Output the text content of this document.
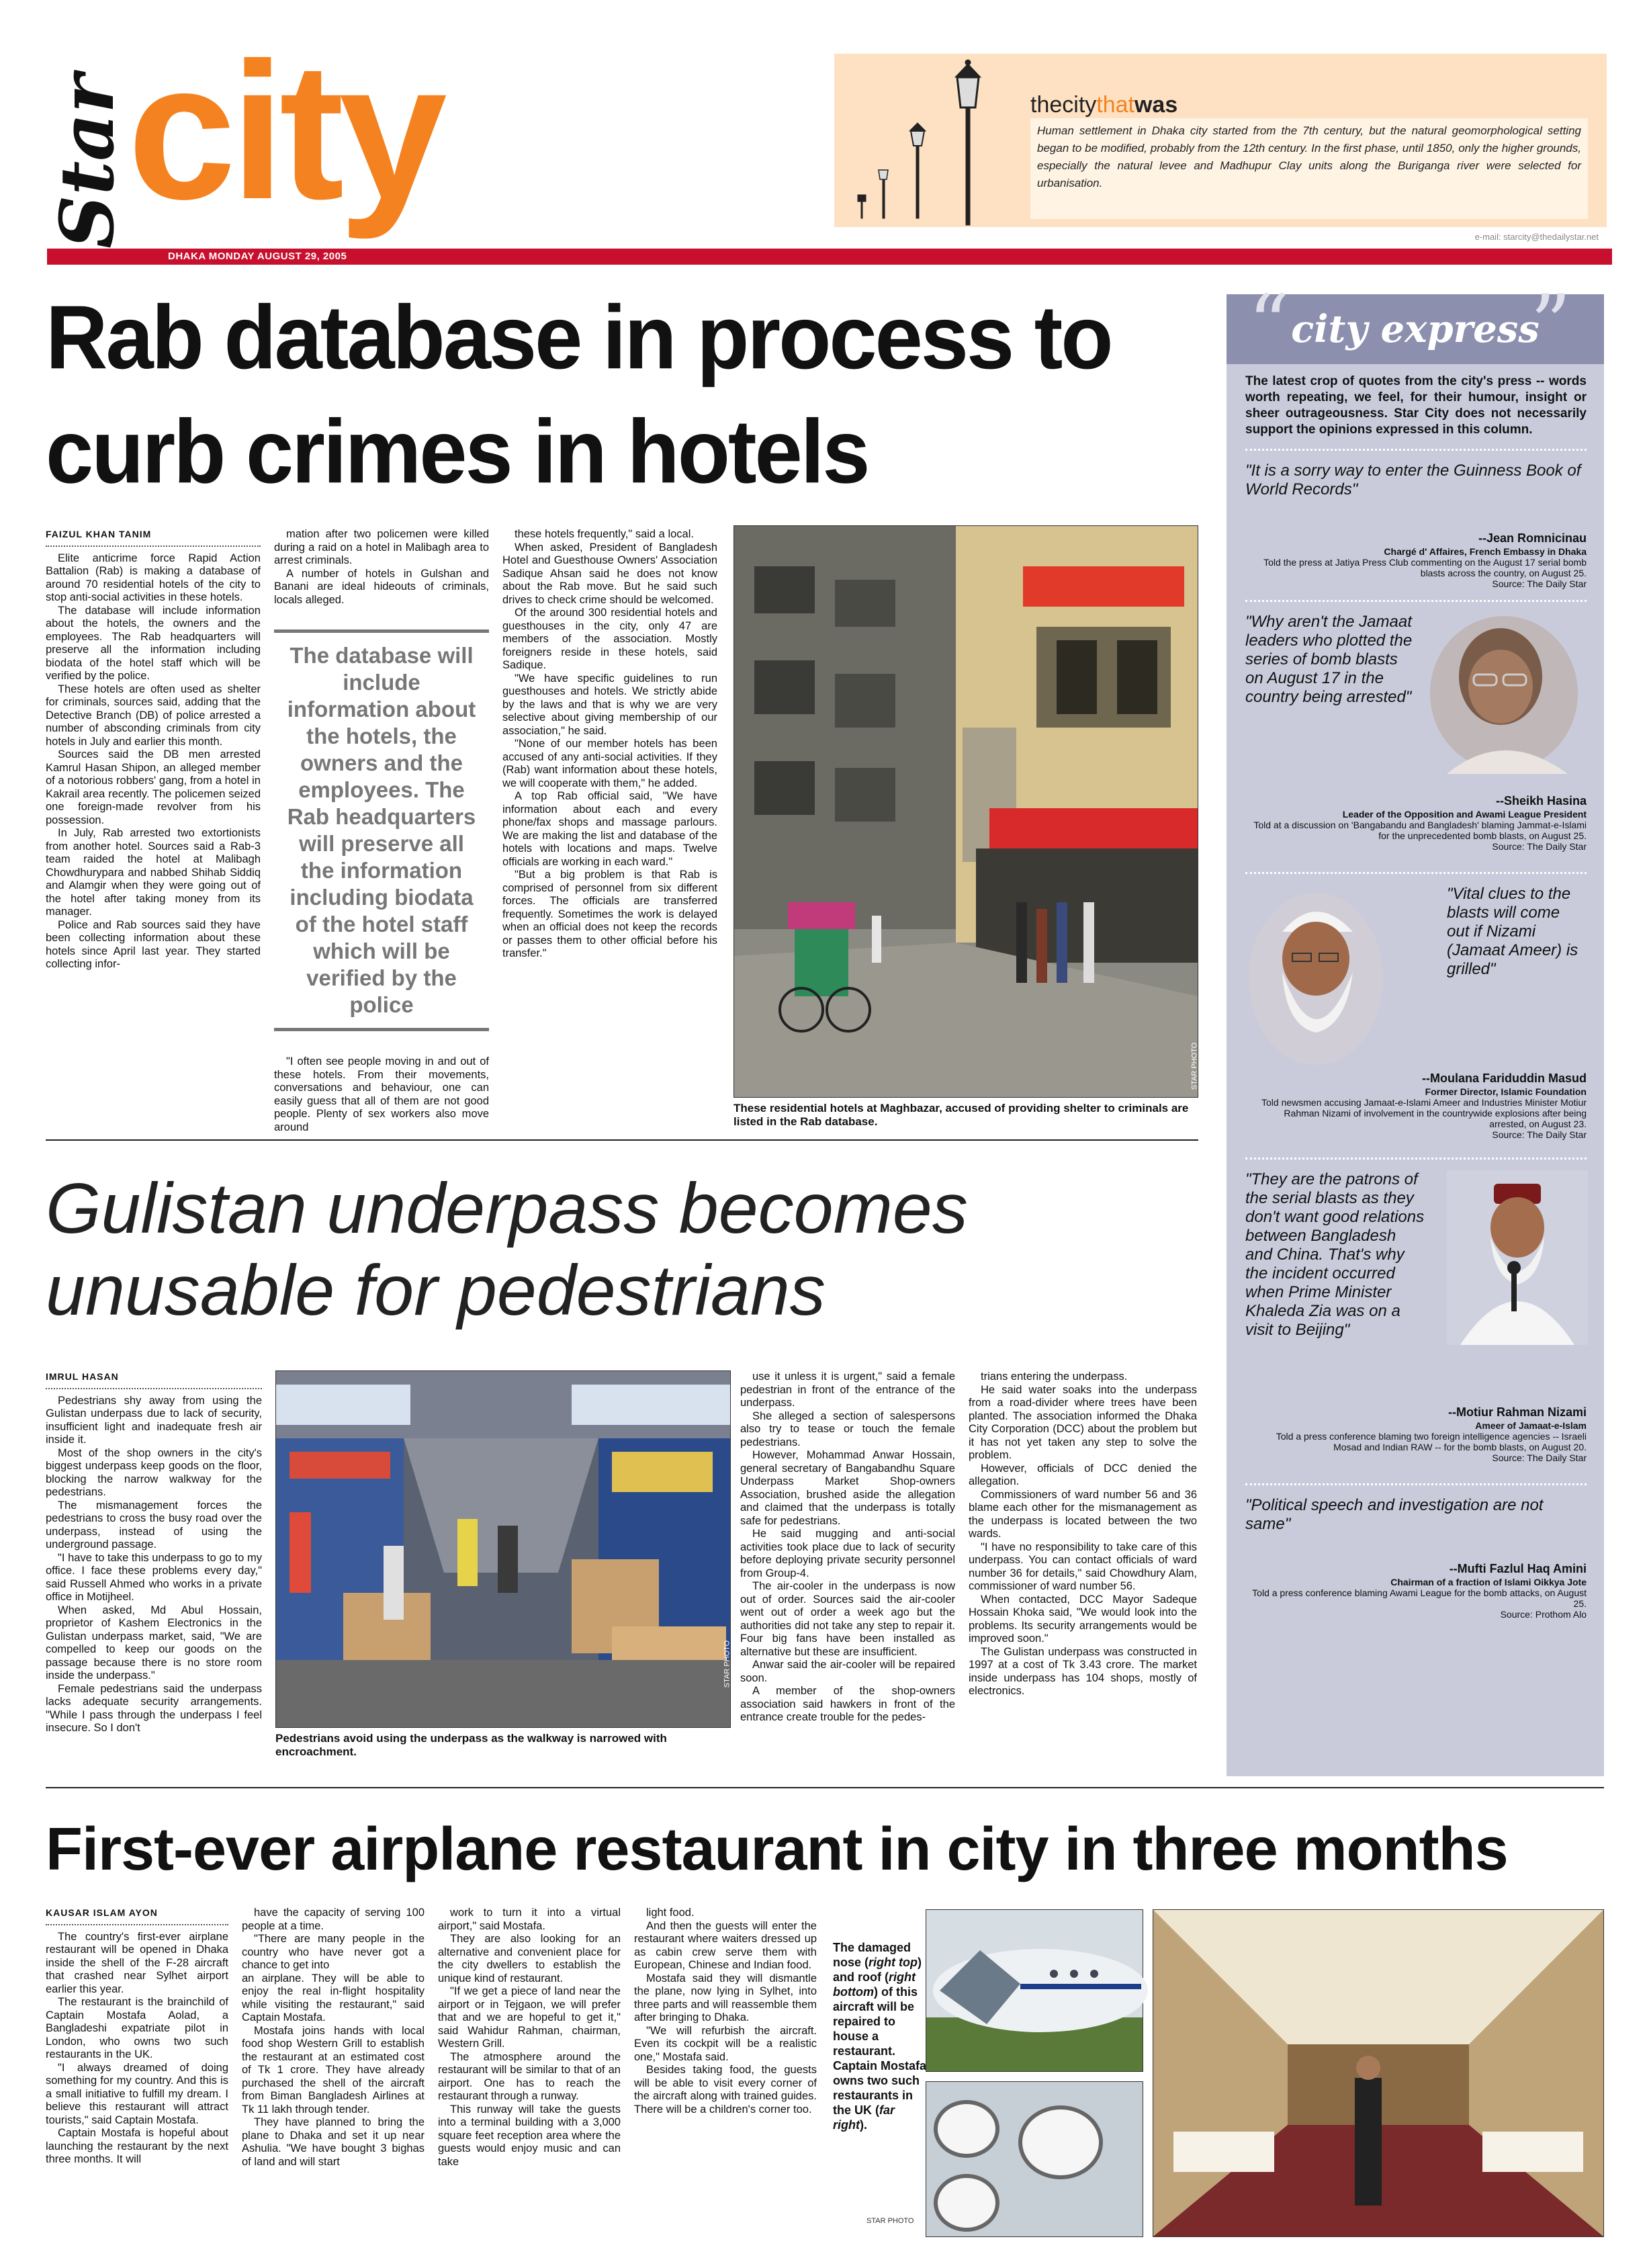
Star
city
DHAKA MONDAY AUGUST 29, 2005
e-mail: starcity@thedailystar.net
thecitythatwas
Human settlement in Dhaka city started from the 7th century, but the natural geomorphological setting began to be modified, probably from the 12th century. In the first phase, until 1850, only the higher grounds, especially the natural levee and Madhupur Clay units along the Buriganga river were selected for urbanisation.
Rab database in process to
curb crimes in hotels
FAIZUL KHAN TANIM

Elite anticrime force Rapid Action Battalion (Rab) is making a database of around 70 residential hotels of the city to stop anti-social activities in these hotels.

The database will include information about the hotels, the owners and the employees. The Rab headquarters will preserve all the information including biodata of the hotel staff which will be verified by the police.

These hotels are often used as shelter for criminals, sources said, adding that the Detective Branch (DB) of police arrested a number of absconding criminals from city hotels in July and earlier this month.

Sources said the DB men arrested Kamrul Hasan Shipon, an alleged member of a notorious robbers' gang, from a hotel in Kakrail area recently. The policemen seized one foreign-made revolver from his possession.

In July, Rab arrested two extortionists from another hotel. Sources said a Rab-3 team raided the hotel at Malibagh Chowdhurypara and nabbed Shihab Siddiq and Alamgir when they were going out of the hotel after taking money from its manager.

Police and Rab sources said they have been collecting information about these hotels since April last year. They started collecting infor-

mation after two policemen were killed during a raid on a hotel in Malibagh area to arrest criminals.

A number of hotels in Gulshan and Banani are ideal hideouts of criminals, locals alleged.

The database will include information about the hotels, the owners and the employees. The Rab headquarters will preserve all the information including biodata of the hotel staff which will be verified by the police

"I often see people moving in and out of these hotels. From their movements, conversations and behaviour, one can easily guess that all of them are not good people. Plenty of sex workers also move around

these hotels frequently," said a local.

When asked, President of Bangladesh Hotel and Guesthouse Owners' Association Sadique Ahsan said he does not know about the Rab move. But he said such drives to check crime should be welcomed.

Of the around 300 residential hotels and guesthouses in the city, only 47 are members of the association. Mostly foreigners reside in these hotels, said Sadique.

"We have specific guidelines to run guesthouses and hotels. We strictly abide by the laws and that is why we are very selective about giving membership of our association," he said.

"None of our member hotels has been accused of any anti-social activities. If they (Rab) want information about these hotels, we will cooperate with them," he added.

A top Rab official said, "We have information about each and every phone/fax shops and massage parlours. We are making the list and database of the hotels with locations and maps. Twelve officials are working in each ward."

"But a big problem is that Rab is comprised of personnel from six different forces. The officials are transferred frequently. Sometimes the work is delayed when an official does not keep the records or passes them to other official before his transfer."

STAR PHOTO
These residential hotels at Maghbazar, accused of providing shelter to criminals are listed in the Rab database.
Gulistan underpass becomes
unusable for pedestrians
IMRUL HASAN

Pedestrians shy away from using the Gulistan underpass due to lack of security, insufficient light and inadequate fresh air inside it.

Most of the shop owners in the city's biggest underpass keep goods on the floor, blocking the narrow walkway for the pedestrians.

The mismanagement forces the pedestrians to cross the busy road over the underpass, instead of using the underground passage.

"I have to take this underpass to go to my office. I face these problems every day," said Russell Ahmed who works in a private office in Motijheel.

When asked, Md Abul Hossain, proprietor of Kashem Electronics in the Gulistan underpass market, said, "We are compelled to keep our goods on the passage because there is no store room inside the underpass."

Female pedestrians said the underpass lacks adequate security arrangements. "While I pass through the underpass I feel insecure. So I don't

STAR PHOTO
Pedestrians avoid using the underpass as the walkway is narrowed with encroachment.

use it unless it is urgent," said a female pedestrian in front of the entrance of the underpass.

She alleged a section of salespersons also try to tease or touch the female pedestrians.

However, Mohammad Anwar Hossain, general secretary of Bangabandhu Square Underpass Market Shop-owners Association, brushed aside the allegation and claimed that the underpass is totally safe for pedestrians.

He said mugging and anti-social activities took place due to lack of security before deploying private security personnel from Group-4.

The air-cooler in the underpass is now out of order. Sources said the air-cooler went out of order a week ago but the authorities did not take any step to repair it. Four big fans have been installed as alternative but these are insufficient.

Anwar said the air-cooler will be repaired soon.

A member of the shop-owners association said hawkers in front of the entrance create trouble for the pedes-

trians entering the underpass.

He said water soaks into the underpass from a road-divider where trees have been planted. The association informed the Dhaka City Corporation (DCC) about the problem but it has not yet taken any step to solve the problem.

However, officials of DCC denied the allegation.

Commissioners of ward number 56 and 36 blame each other for the mismanagement as the underpass is located between the two wards.

"I have no responsibility to take care of this underpass. You can contact officials of ward number 36 for details," said Chowdhury Alam, commissioner of ward number 56.

When contacted, DCC Mayor Sadeque Hossain Khoka said, "We would look into the problems. Its security arrangements would be improved soon."

The Gulistan underpass was constructed in 1997 at a cost of Tk 3.43 crore. The market inside underpass has 104 shops, mostly of electronics.

“ city express
”
The latest crop of quotes from the city's press -- words worth repeating, we feel, for their humour, insight or sheer outrageousness. Star City does not necessarily support the opinions expressed in this column.
"It is a sorry way to enter the Guinness Book of World Records"
--Jean Romnicinau
Chargé d' Affaires, French Embassy in Dhaka
Told the press at Jatiya Press Club commenting on the August 17 serial bomb blasts across the country, on August 25.
Source: The Daily Star
"Why aren't the Jamaat leaders who plotted the series of bomb blasts on August 17 in the country being arrested"
--Sheikh Hasina
Leader of the Opposition and Awami League President
Told at a discussion on 'Bangabandu and Bangladesh' blaming Jammat-e-Islami for the unprecedented bomb blasts, on August 25.
Source: The Daily Star
"Vital clues to the blasts will come out if Nizami (Jamaat Ameer) is grilled"
--Moulana Fariduddin Masud
Former Director, Islamic Foundation
Told newsmen accusing Jamaat-e-Islami Ameer and Industries Minister Motiur Rahman Nizami of involvement in the countrywide explosions after being arrested, on August 23.
Source: The Daily Star
"They are the patrons of the serial blasts as they don't want good relations between Bangladesh and China. That's why the incident occurred when Prime Minister Khaleda Zia was on a visit to Beijing"
--Motiur Rahman Nizami
Ameer of Jamaat-e-Islam
Told a press conference blaming two foreign intelligence agencies -- Israeli Mosad and Indian RAW -- for the bomb blasts, on August 20.
Source: The Daily Star
"Political speech and investigation are not same"
--Mufti Fazlul Haq Amini
Chairman of a fraction of Islami Oikkya Jote
Told a press conference blaming Awami League for the bomb attacks, on August 25.
Source: Prothom Alo
First-ever airplane restaurant in city in three months
KAUSAR ISLAM AYON

The country's first-ever airplane restaurant will be opened in Dhaka inside the shell of the F-28 aircraft that crashed near Sylhet airport earlier this year.

The restaurant is the brainchild of Captain Mostafa Aolad, a Bangladeshi expatriate pilot in London, who owns two such restaurants in the UK.

"I always dreamed of doing something for my country. And this is a small initiative to fulfill my dream. I believe this restaurant will attract tourists," said Captain Mostafa.

Captain Mostafa is hopeful about launching the restaurant by the next three months. It will

have the capacity of serving 100 people at a time.

"There are many people in the country who have never got a chance to get into

an airplane. They will be able to enjoy the real in-flight hospitality while visiting the restaurant," said Captain Mostafa.

Mostafa joins hands with local food shop Western Grill to establish the restaurant at an estimated cost of Tk 1 crore. They have already purchased the shell of the aircraft from Biman Bangladesh Airlines at Tk 11 lakh through tender.

They have planned to bring the plane to Dhaka and set it up near Ashulia. "We have bought 3 bighas of land and will start

work to turn it into a virtual airport," said Mostafa.

They are also looking for an alternative and convenient place for the city dwellers to establish the unique kind of restaurant.

"If we get a piece of land near the airport or in Tejgaon, we will prefer that and we are hopeful to get it," said Wahidur Rahman, chairman, Western Grill.

The atmosphere around the restaurant will be similar to that of an airport. One has to reach the restaurant through a runway.

This runway will take the guests into a terminal building with a 3,000 square feet reception area where the guests would enjoy music and can take

light food.

And then the guests will enter the restaurant where waiters dressed up as cabin crew serve them with European, Chinese and Indian food.

Mostafa said they will dismantle the plane, now lying in Sylhet, into three parts and will reassemble them after bringing to Dhaka.

"We will refurbish the aircraft. Even its cockpit will be a realistic one," Mostafa said.

Besides taking food, the guests will be able to visit every corner of the aircraft along with trained guides. There will be a children's corner too.

The damaged nose (right top) and roof (right bottom) of this aircraft will be repaired to house a restaurant. Captain Mostafa owns two such restaurants in the UK (far right).
STAR PHOTO
